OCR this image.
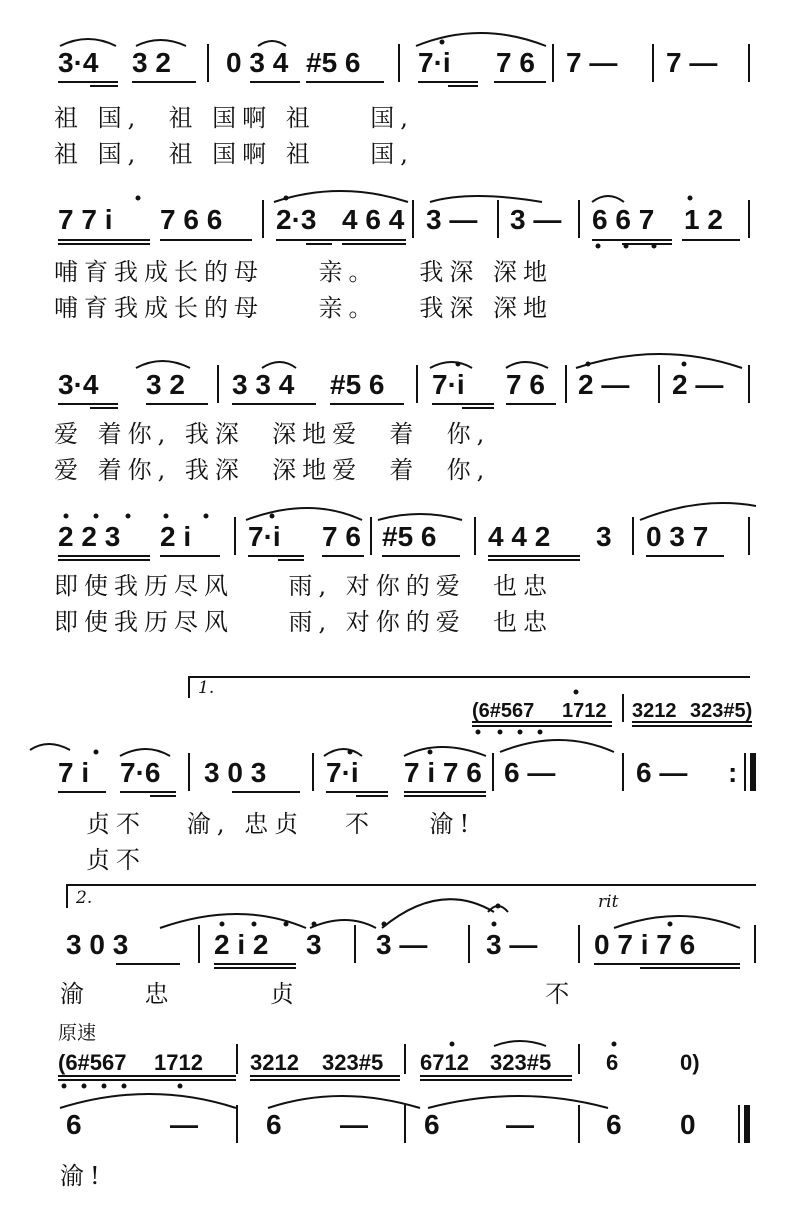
3·4 3 2 0 3 4 #5 6 7·i 7 6 7 — 7 —
祖 国,  祖 国啊 祖    国,
祖 国,  祖 国啊 祖    国,
7 7 i 7 6 6 2·3 4 6 4 3 — 3 — 6 6 7 1 2
哺育我成长的母    亲。   我深 深地
哺育我成长的母    亲。   我深 深地
3·4 3 2 3 3 4 #5 6 7·i 7 6 2 — 2 —
爱 着你, 我深  深地爱  着  你,
爱 着你, 我深  深地爱  着  你,
2 2 3 2 i 7·i 7 6 #5 6 4 4 2 3 0 3 7
即使我历尽风    雨, 对你的爱  也忠
即使我历尽风    雨, 对你的爱  也忠
1.
(6#567 1712 3212 323#5)
7 i 7·6 3 0 3 7·i 7 i 7 6 6 —	6 — :
贞不   渝, 忠贞   不    渝!
贞不
2.	rit
3 0 3	2 i 2 3 3 — 3 — 0 7 i 7 6
渝    忠       贞                  不
原速
(6#567 1712 3212 323#5 6712 323#5 6	0)
6	— 6 — 6 —	6 0
渝!
